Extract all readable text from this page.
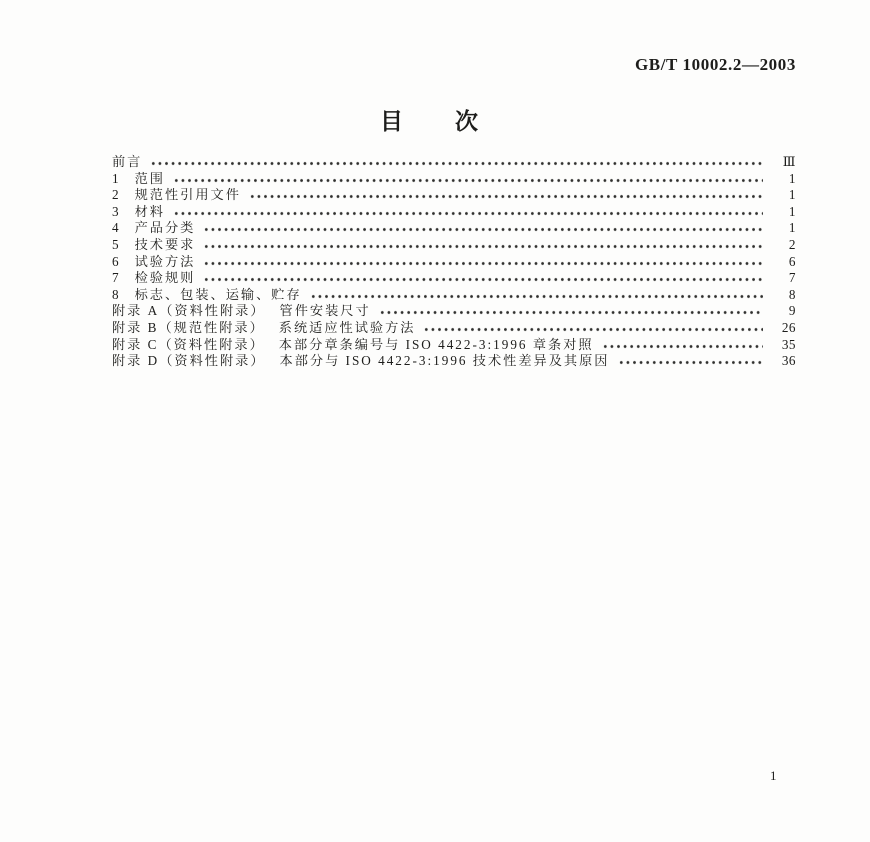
GB/T 10002.2—2003
目　　次
前言	Ⅲ
1 范围	1
2 规范性引用文件	1
3 材料	1
4 产品分类	1
5 技术要求	2
6 试验方法	6
7 检验规则	7
8 标志、包装、运输、贮存	8
附录 A（资料性附录） 管件安装尺寸	9
附录 B（规范性附录） 系统适应性试验方法	26
附录 C（资料性附录） 本部分章条编号与 ISO 4422-3:1996 章条对照	35
附录 D（资料性附录） 本部分与 ISO 4422-3:1996 技术性差异及其原因	36
1
